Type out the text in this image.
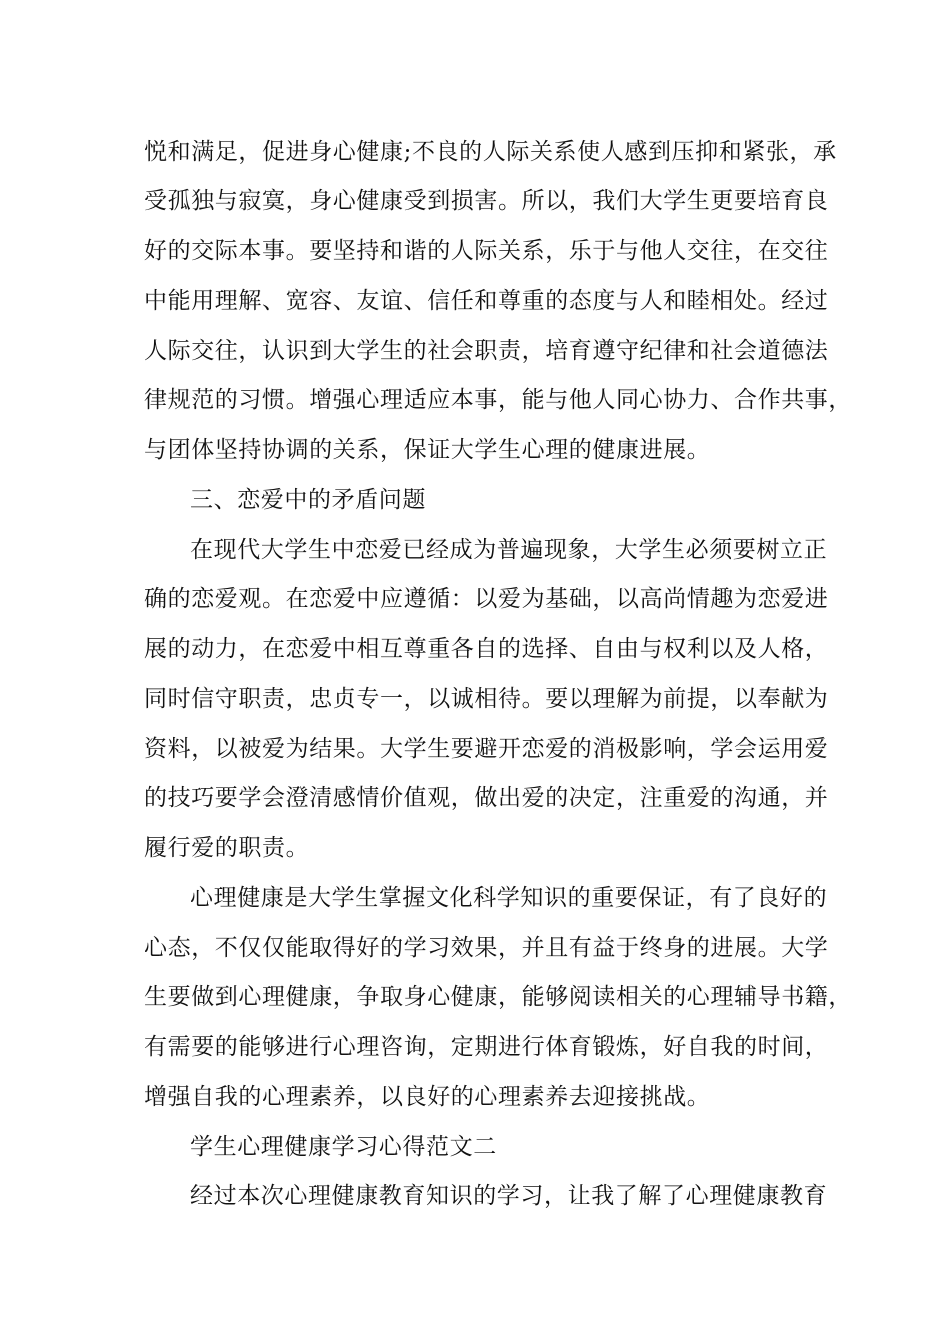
悦和满足，促进身心健康;不良的人际关系使人感到压抑和紧张，承
受孤独与寂寞，身心健康受到损害。所以，我们大学生更要培育良
好的交际本事。要坚持和谐的人际关系，乐于与他人交往，在交往
中能用理解、宽容、友谊、信任和尊重的态度与人和睦相处。经过
人际交往，认识到大学生的社会职责，培育遵守纪律和社会道德法
律规范的习惯。增强心理适应本事，能与他人同心协力、合作共事，
与团体坚持协调的关系，保证大学生心理的健康进展。
三、恋爱中的矛盾问题
在现代大学生中恋爱已经成为普遍现象，大学生必须要树立正
确的恋爱观。在恋爱中应遵循：以爱为基础，以高尚情趣为恋爱进
展的动力，在恋爱中相互尊重各自的选择、自由与权利以及人格，
同时信守职责，忠贞专一，以诚相待。要以理解为前提，以奉献为
资料，以被爱为结果。大学生要避开恋爱的消极影响，学会运用爱
的技巧要学会澄清感情价值观，做出爱的决定，注重爱的沟通，并
履行爱的职责。
心理健康是大学生掌握文化科学知识的重要保证，有了良好的
心态，不仅仅能取得好的学习效果，并且有益于终身的进展。大学
生要做到心理健康，争取身心健康，能够阅读相关的心理辅导书籍，
有需要的能够进行心理咨询，定期进行体育锻炼，好自我的时间，
增强自我的心理素养，以良好的心理素养去迎接挑战。
学生心理健康学习心得范文二
经过本次心理健康教育知识的学习，让我了解了心理健康教育
